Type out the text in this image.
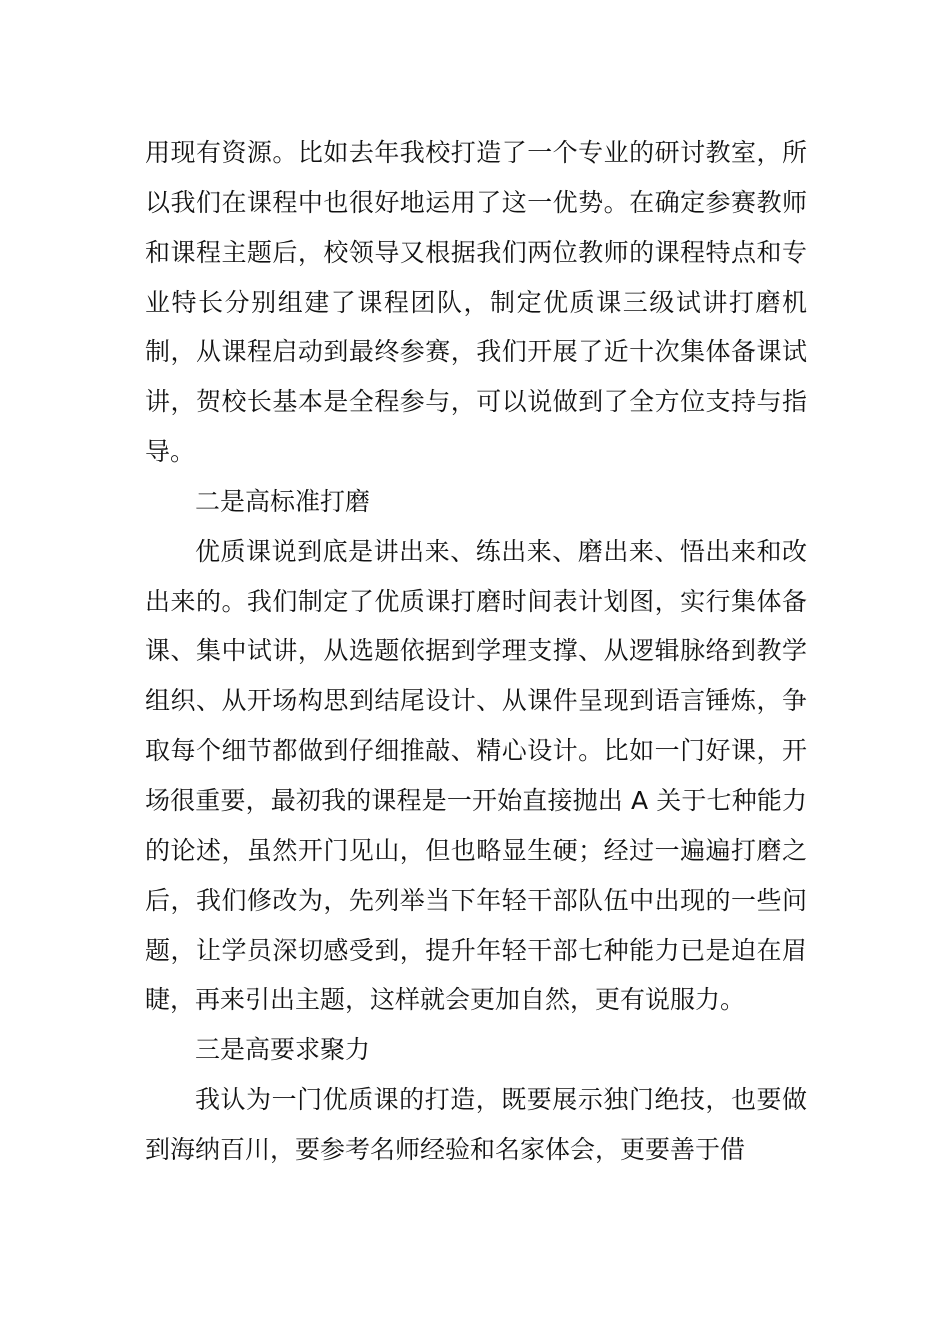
用现有资源。比如去年我校打造了一个专业的研讨教室，所以我们在课程中也很好地运用了这一优势。在确定参赛教师和课程主题后，校领导又根据我们两位教师的课程特点和专业特长分别组建了课程团队，制定优质课三级试讲打磨机制，从课程启动到最终参赛，我们开展了近十次集体备课试讲，贺校长基本是全程参与，可以说做到了全方位支持与指导。

二是高标准打磨

优质课说到底是讲出来、练出来、磨出来、悟出来和改出来的。我们制定了优质课打磨时间表计划图，实行集体备课、集中试讲，从选题依据到学理支撑、从逻辑脉络到教学组织、从开场构思到结尾设计、从课件呈现到语言锤炼，争取每个细节都做到仔细推敲、精心设计。比如一门好课，开场很重要，最初我的课程是一开始直接抛出 A 关于七种能力的论述，虽然开门见山，但也略显生硬；经过一遍遍打磨之后，我们修改为，先列举当下年轻干部队伍中出现的一些问题，让学员深切感受到，提升年轻干部七种能力已是迫在眉睫，再来引出主题，这样就会更加自然，更有说服力。

三是高要求聚力

我认为一门优质课的打造，既要展示独门绝技，也要做到海纳百川，要参考名师经验和名家体会，更要善于借
